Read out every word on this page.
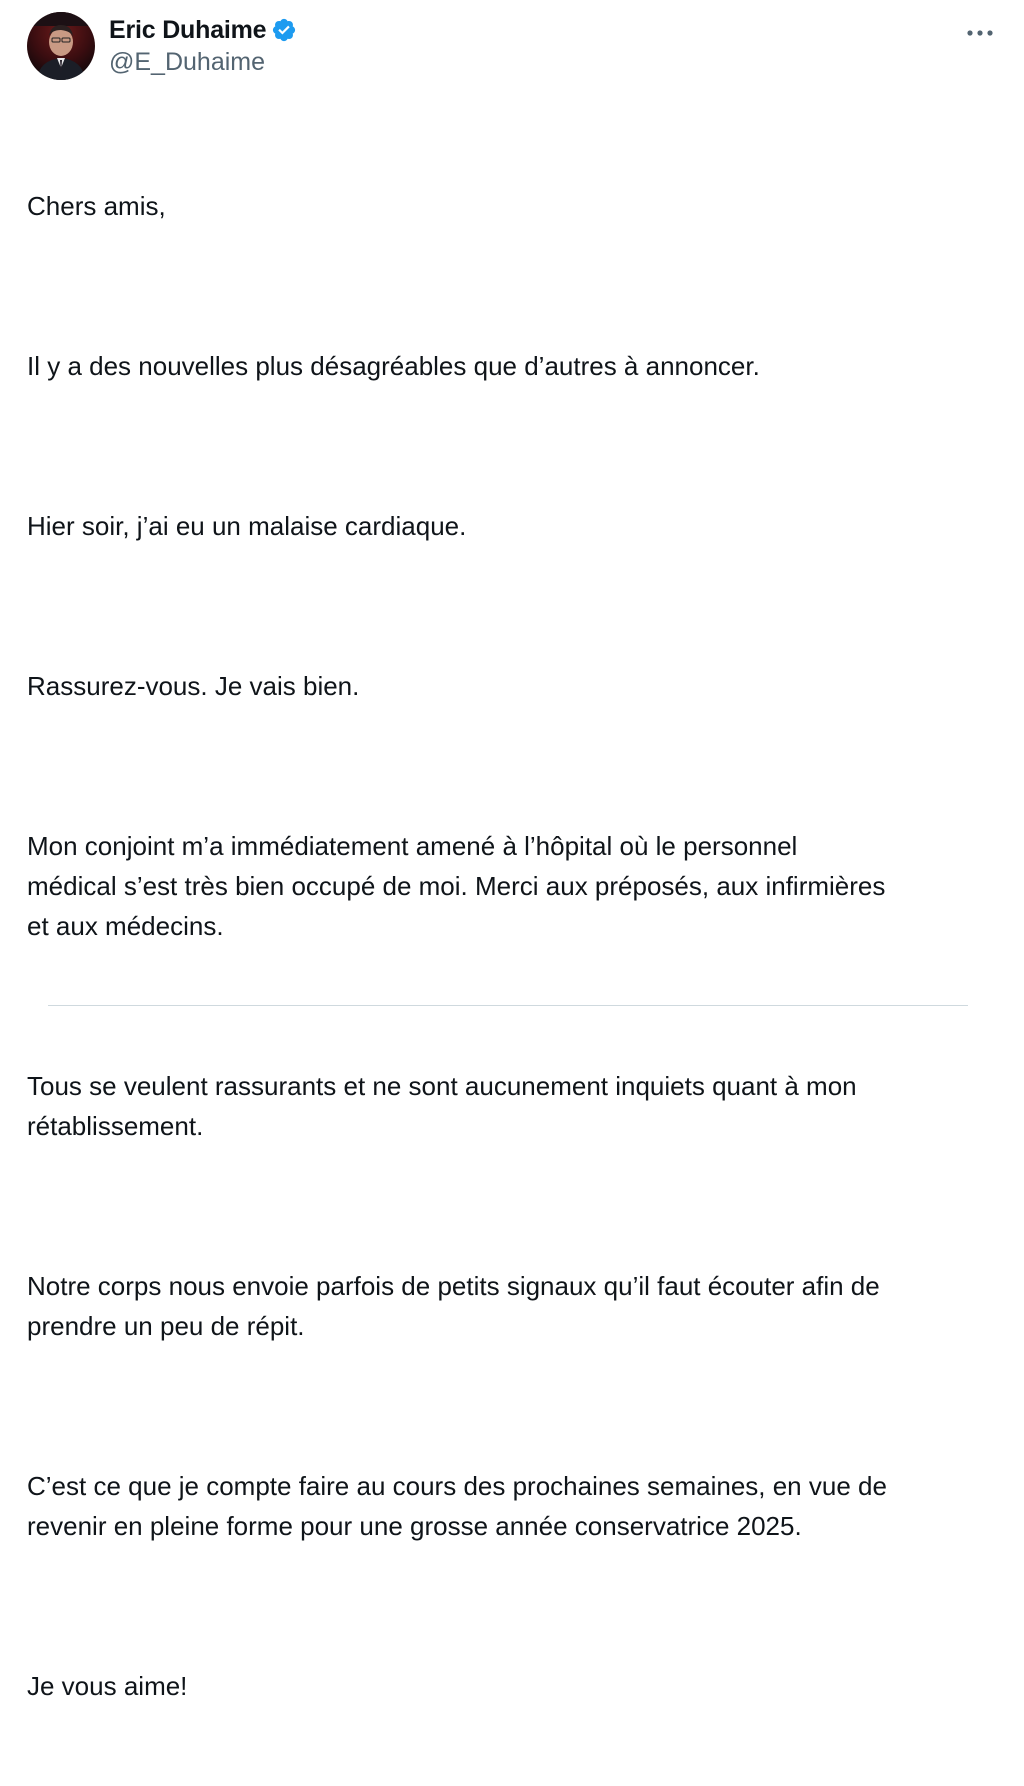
Eric Duhaime
@E_Duhaime

Chers amis,

Il y a des nouvelles plus désagréables que d’autres à annoncer.

Hier soir, j’ai eu un malaise cardiaque.

Rassurez-vous. Je vais bien.

Mon conjoint m’a immédiatement amené à l’hôpital où le personnel
médical s’est très bien occupé de moi. Merci aux préposés, aux infirmières
et aux médecins.

Tous se veulent rassurants et ne sont aucunement inquiets quant à mon
rétablissement.

Notre corps nous envoie parfois de petits signaux qu’il faut écouter afin de
prendre un peu de répit.

C’est ce que je compte faire au cours des prochaines semaines, en vue de
revenir en pleine forme pour une grosse année conservatrice 2025.

Je vous aime!
